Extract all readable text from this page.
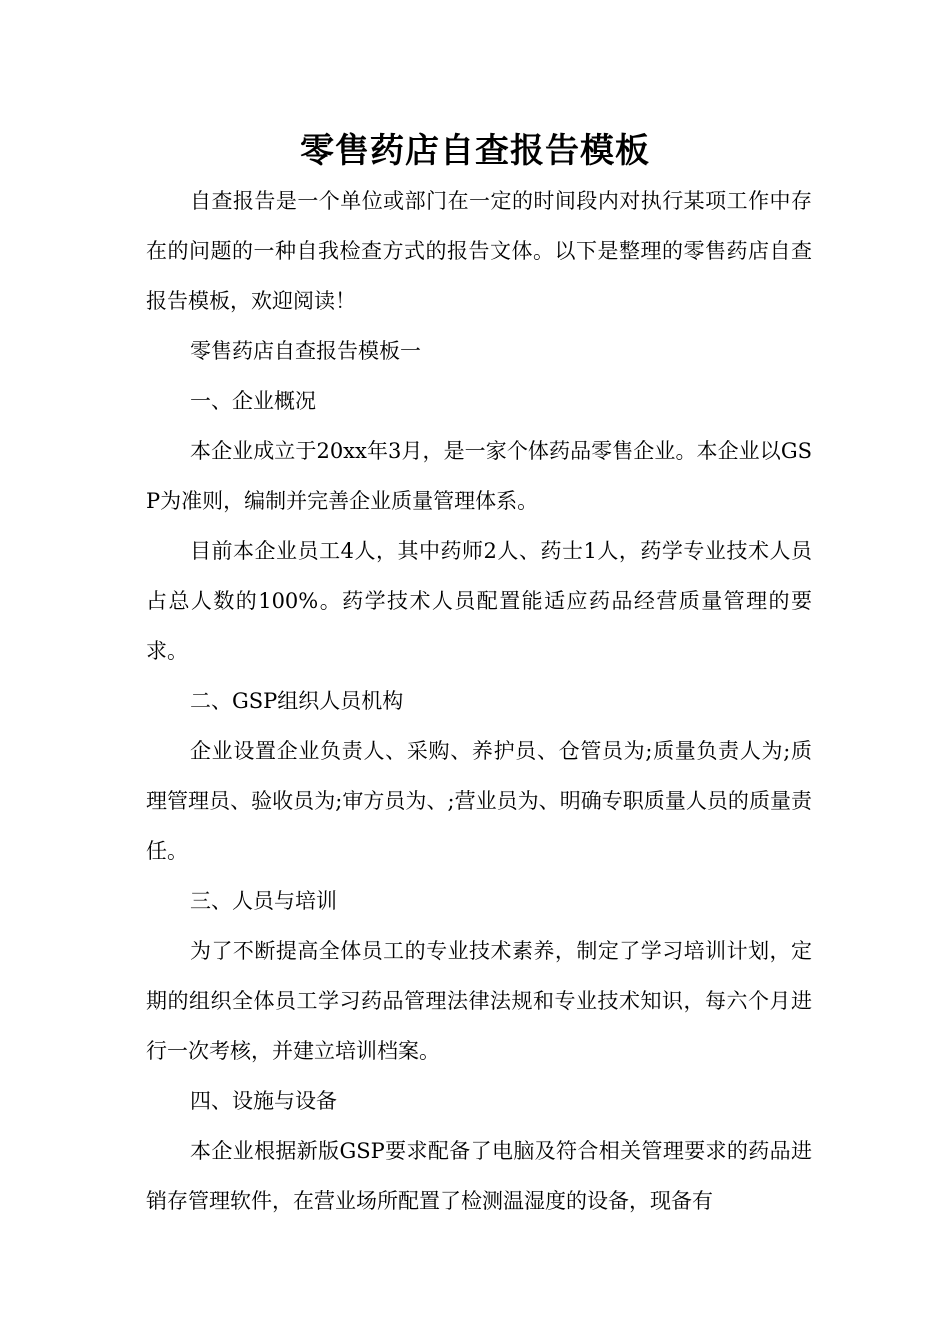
零售药店自查报告模板

自查报告是一个单位或部门在一定的时间段内对执行某项工作中存在的问题的一种自我检查方式的报告文体。以下是整理的零售药店自查报告模板，欢迎阅读！

零售药店自查报告模板一

一、企业概况

本企业成立于20xx年3月，是一家个体药品零售企业。本企业以GSP为准则，编制并完善企业质量管理体系。

目前本企业员工4人，其中药师2人、药士1人，药学专业技术人员占总人数的100%。药学技术人员配置能适应药品经营质量管理的要求。

二、GSP组织人员机构

企业设置企业负责人、采购、养护员、仓管员为;质量负责人为;质理管理员、验收员为;审方员为、;营业员为、明确专职质量人员的质量责任。

三、人员与培训

为了不断提高全体员工的专业技术素养，制定了学习培训计划，定期的组织全体员工学习药品管理法律法规和专业技术知识，每六个月进行一次考核，并建立培训档案。

四、设施与设备

本企业根据新版GSP要求配备了电脑及符合相关管理要求的药品进销存管理软件，在营业场所配置了检测温湿度的设备，现备有
